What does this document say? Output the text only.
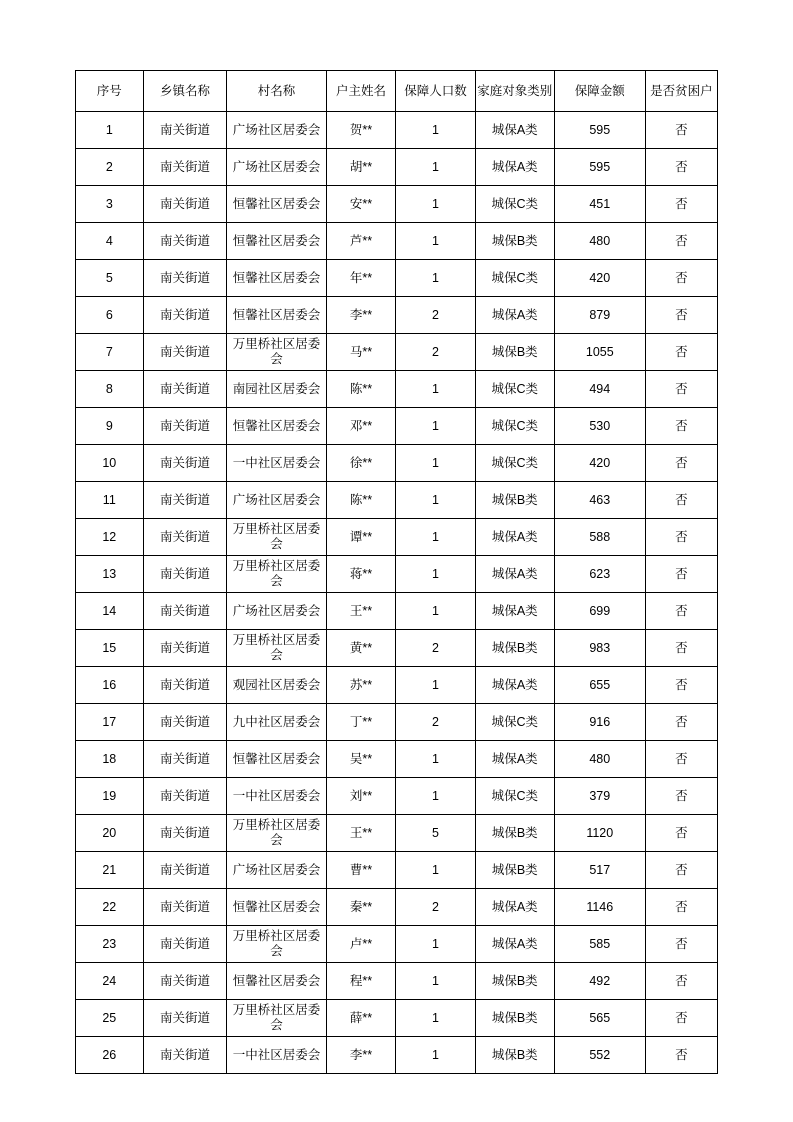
序号	乡镇名称	村名称	户主姓名	保障人口数	家庭对象类别	保障金额	是否贫困户
1	南关街道	广场社区居委会	贺**	1	城保A类	595	否
2	南关街道	广场社区居委会	胡**	1	城保A类	595	否
3	南关街道	恒馨社区居委会	安**	1	城保C类	451	否
4	南关街道	恒馨社区居委会	芦**	1	城保B类	480	否
5	南关街道	恒馨社区居委会	年**	1	城保C类	420	否
6	南关街道	恒馨社区居委会	李**	2	城保A类	879	否
7	南关街道	万里桥社区居委会	马**	2	城保B类	1055	否
8	南关街道	南园社区居委会	陈**	1	城保C类	494	否
9	南关街道	恒馨社区居委会	邓**	1	城保C类	530	否
10	南关街道	一中社区居委会	徐**	1	城保C类	420	否
11	南关街道	广场社区居委会	陈**	1	城保B类	463	否
12	南关街道	万里桥社区居委会	谭**	1	城保A类	588	否
13	南关街道	万里桥社区居委会	蒋**	1	城保A类	623	否
14	南关街道	广场社区居委会	王**	1	城保A类	699	否
15	南关街道	万里桥社区居委会	黄**	2	城保B类	983	否
16	南关街道	观园社区居委会	苏**	1	城保A类	655	否
17	南关街道	九中社区居委会	丁**	2	城保C类	916	否
18	南关街道	恒馨社区居委会	吴**	1	城保A类	480	否
19	南关街道	一中社区居委会	刘**	1	城保C类	379	否
20	南关街道	万里桥社区居委会	王**	5	城保B类	1120	否
21	南关街道	广场社区居委会	曹**	1	城保B类	517	否
22	南关街道	恒馨社区居委会	秦**	2	城保A类	1146	否
23	南关街道	万里桥社区居委会	卢**	1	城保A类	585	否
24	南关街道	恒馨社区居委会	程**	1	城保B类	492	否
25	南关街道	万里桥社区居委会	薛**	1	城保B类	565	否
26	南关街道	一中社区居委会	李**	1	城保B类	552	否
